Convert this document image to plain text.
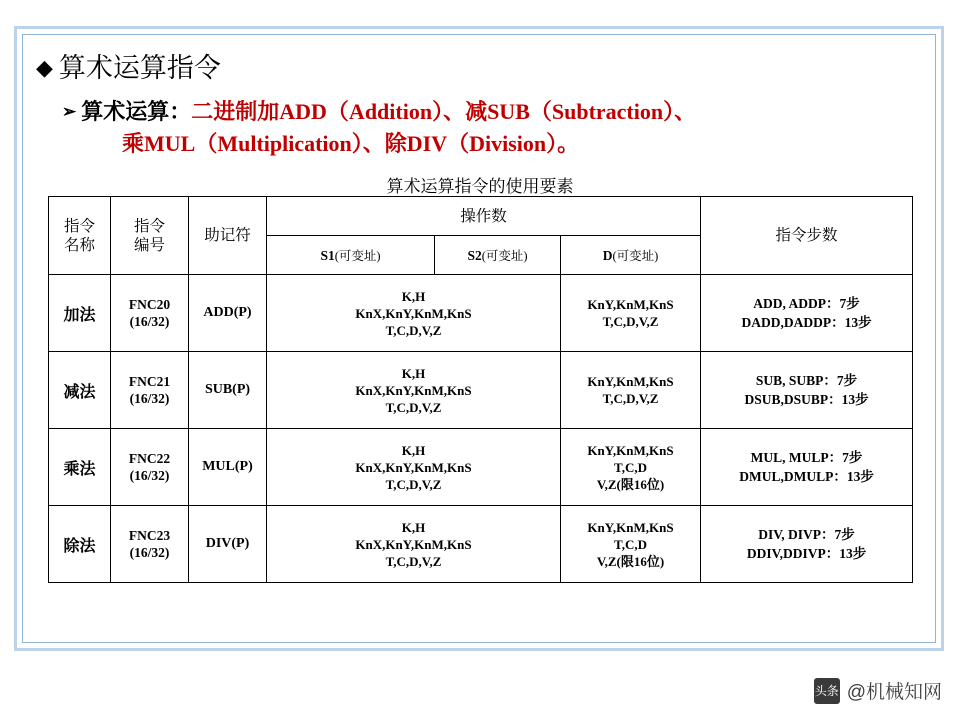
◆ 算术运算指令
➢ 算术运算：二进制加ADD（Addition）、减SUB（Subtraction）、
乘MUL（Multiplication）、除DIV（Division）。
算术运算指令的使用要素
指令
名称	指令
编号	助记符	操作数			指令步数
			S1(可变址)	S2(可变址)	D(可变址)	
加法	FNC20
(16/32)	ADD(P)	K,H
KnX,KnY,KnM,KnS
T,C,D,V,Z		KnY,KnM,KnS
T,C,D,V,Z	ADD, ADDP：7步
DADD,DADDP：13步
减法	FNC21
(16/32)	SUB(P)	K,H
KnX,KnY,KnM,KnS
T,C,D,V,Z		KnY,KnM,KnS
T,C,D,V,Z	SUB, SUBP：7步
DSUB,DSUBP：13步
乘法	FNC22
(16/32)	MUL(P)	K,H
KnX,KnY,KnM,KnS
T,C,D,V,Z		KnY,KnM,KnS
T,C,D
V,Z(限16位)	MUL, MULP：7步
DMUL,DMULP：13步
除法	FNC23
(16/32)	DIV(P)	K,H
KnX,KnY,KnM,KnS
T,C,D,V,Z		KnY,KnM,KnS
T,C,D
V,Z(限16位)	DIV, DIVP：7步
DDIV,DDIVP：13步
头条 @机械知网
